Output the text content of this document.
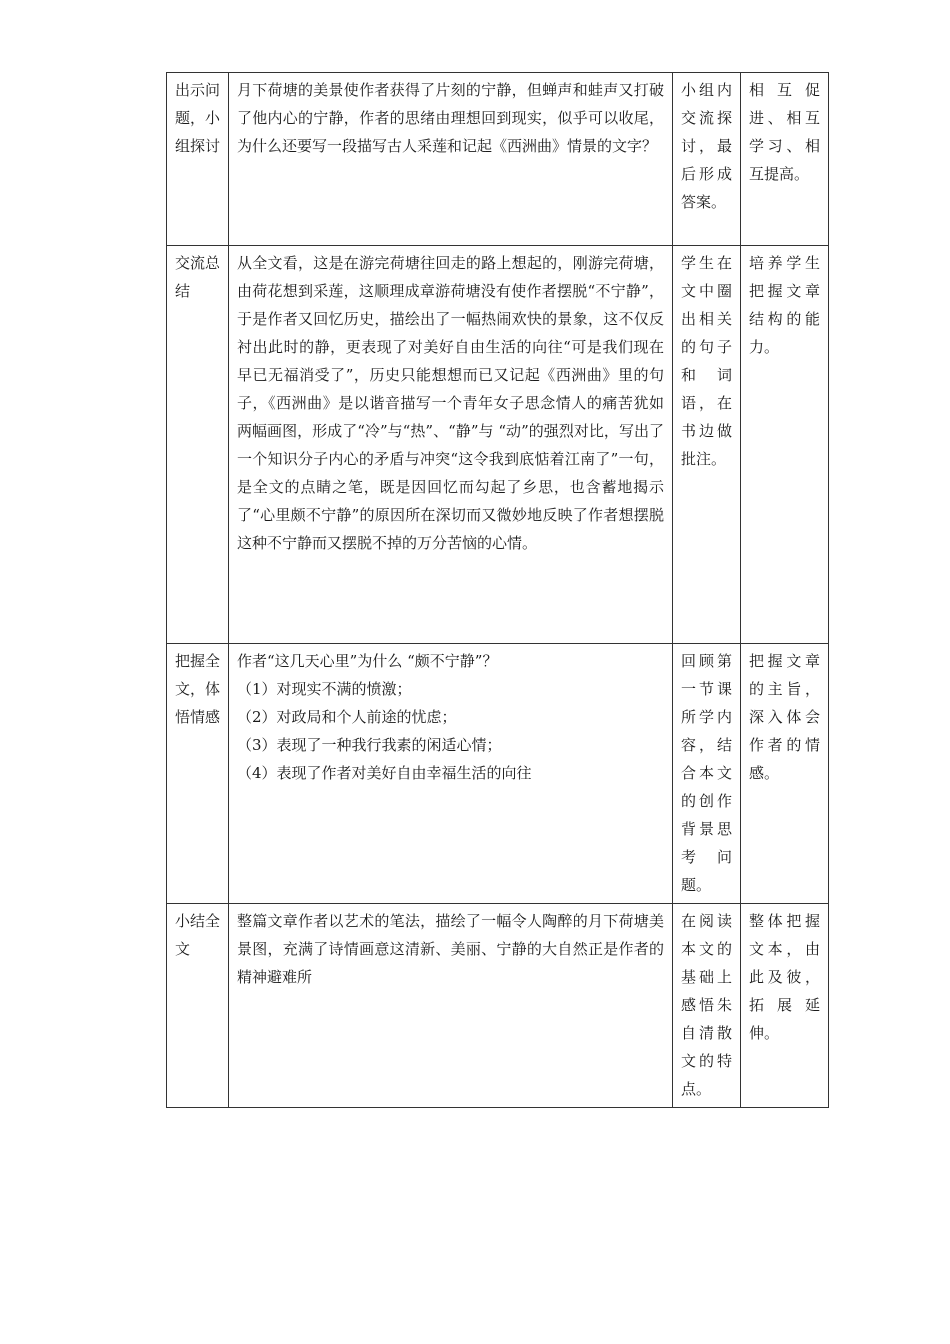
出示问题，小组探讨	月下荷塘的美景使作者获得了片刻的宁静，但蝉声和蛙声又打破了他内心的宁静，作者的思绪由理想回到现实，似乎可以收尾，为什么还要写一段描写古人采莲和记起《西洲曲》情景的文字？	小组内交流探讨，最后形成答案。	相互促进、相互学习、相互提高。
交流总结	从全文看，这是在游完荷塘往回走的路上想起的，刚游完荷塘，由荷花想到采莲，这顺理成章游荷塘没有使作者摆脱“不宁静”，于是作者又回忆历史，描绘出了一幅热闹欢快的景象，这不仅反衬出此时的静，更表现了对美好自由生活的向往“可是我们现在早已无福消受了”，历史只能想想而已又记起《西洲曲》里的句子，《西洲曲》是以谐音描写一个青年女子思念情人的痛苦犹如两幅画图，形成了“冷”与“热”、“静”与 “动”的强烈对比，写出了一个知识分子内心的矛盾与冲突“这令我到底惦着江南了”一句，是全文的点睛之笔，既是因回忆而勾起了乡思，也含蓄地揭示了“心里颇不宁静”的原因所在深切而又微妙地反映了作者想摆脱这种不宁静而又摆脱不掉的万分苦恼的心情。	学生在文中圈出相关的句子和　词语，在书边做批注。	培养学生把握文章结构的能力。
把握全文，体悟情感	作者“这几天心里”为什么 “颇不宁静”？
（1）对现实不满的愤激；
（2）对政局和个人前途的忧虑；
（3）表现了一种我行我素的闲适心情；
（4）表现了作者对美好自由幸福生活的向往	回顾第一节课所学内容，结合本文的创作背景思考　问　题。	把握文章的主旨，深入体会作者的情感。
小结全文	整篇文章作者以艺术的笔法，描绘了一幅令人陶醉的月下荷塘美景图，充满了诗情画意这清新、美丽、宁静的大自然正是作者的精神避难所	在阅读本文的基础上感悟朱自清散文的特点。	整体把握文本，由此及彼，拓展延伸。
